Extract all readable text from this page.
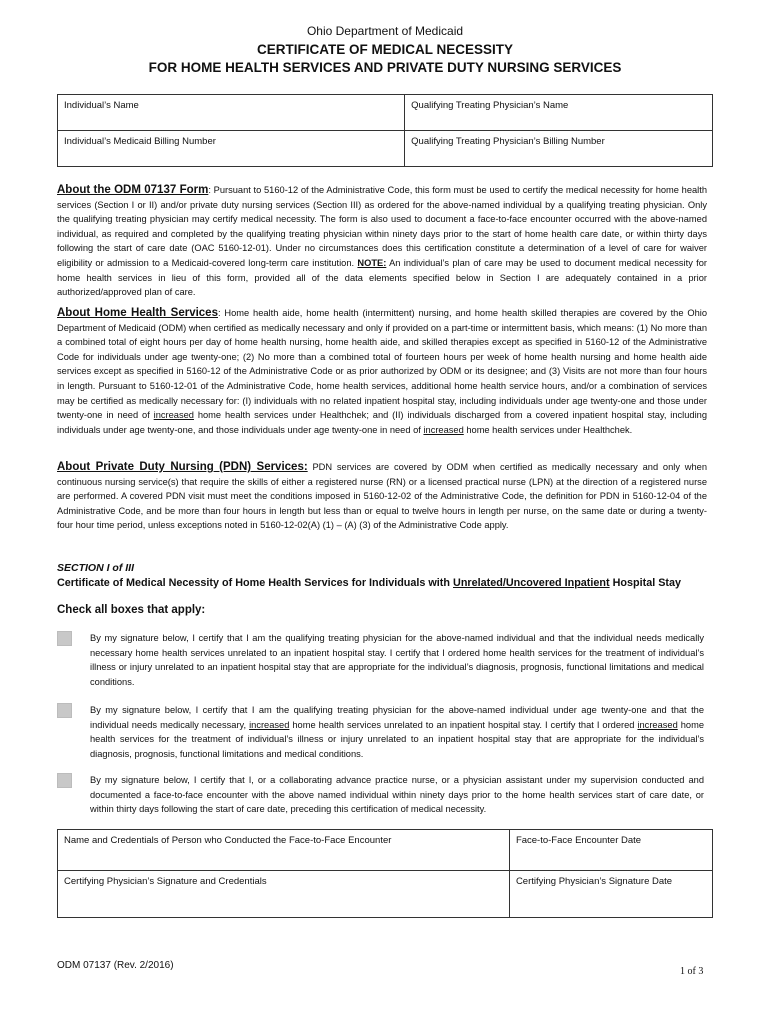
Ohio Department of Medicaid
CERTIFICATE OF MEDICAL NECESSITY
FOR HOME HEALTH SERVICES AND PRIVATE DUTY NURSING SERVICES
Individual’s Name	Qualifying Treating Physician’s Name
Individual’s Medicaid Billing Number	Qualifying Treating Physician’s Billing Number
About the ODM 07137 Form: Pursuant to 5160-12 of the Administrative Code, this form must be used to certify the medical necessity for home health services (Section I or II) and/or private duty nursing services (Section III) as ordered for the above-named individual by a qualifying treating physician. Only the qualifying treating physician may certify medical necessity. The form is also used to document a face-to-face encounter occurred with the above-named individual, as required and completed by the qualifying treating physician within ninety days prior to the start of home health care date, or within thirty days following the start of care date (OAC 5160-12-01). Under no circumstances does this certification constitute a determination of a level of care for waiver eligibility or admission to a Medicaid-covered long-term care institution. NOTE: An individual’s plan of care may be used to document medical necessity for home health services in lieu of this form, provided all of the data elements specified below in Section I are adequately contained in a prior authorized/approved plan of care.
About Home Health Services: Home health aide, home health (intermittent) nursing, and home health skilled therapies are covered by the Ohio Department of Medicaid (ODM) when certified as medically necessary and only if provided on a part-time or intermittent basis, which means: (1) No more than a combined total of eight hours per day of home health nursing, home health aide, and skilled therapies except as specified in 5160-12 of the Administrative Code for individuals under age twenty-one; (2) No more than a combined total of fourteen hours per week of home health nursing and home health aide services except as specified in 5160-12 of the Administrative Code or as prior authorized by ODM or its designee; and (3) Visits are not more than four hours in length. Pursuant to 5160-12-01 of the Administrative Code, home health services, additional home health service hours, and/or a combination of services may be certified as medically necessary for: (I) individuals with no related inpatient hospital stay, including individuals under age twenty-one and those under twenty-one in need of increased home health services under Healthchek; and (II) individuals discharged from a covered inpatient hospital stay, including individuals under age twenty-one, and those individuals under age twenty-one in need of increased home health services under Healthchek.
About Private Duty Nursing (PDN) Services: PDN services are covered by ODM when certified as medically necessary and only when continuous nursing service(s) that require the skills of either a registered nurse (RN) or a licensed practical nurse (LPN) at the direction of a registered nurse are performed. A covered PDN visit must meet the conditions imposed in 5160-12-02 of the Administrative Code, the definition for PDN in 5160-12-04 of the Administrative Code, and be more than four hours in length but less than or equal to twelve hours in length per nurse, on the same date or during a twenty-four hour time period, unless exceptions noted in 5160-12-02(A) (1) – (A) (3) of the Administrative Code apply.
SECTION I of III
Certificate of Medical Necessity of Home Health Services for Individuals with Unrelated/Uncovered Inpatient Hospital Stay
Check all boxes that apply:
By my signature below, I certify that I am the qualifying treating physician for the above-named individual and that the individual needs medically necessary home health services unrelated to an inpatient hospital stay. I certify that I ordered home health services for the treatment of individual’s illness or injury unrelated to an inpatient hospital stay that are appropriate for the individual’s diagnosis, prognosis, functional limitations and medical conditions.
By my signature below, I certify that I am the qualifying treating physician for the above-named individual under age twenty-one and that the individual needs medically necessary, increased home health services unrelated to an inpatient hospital stay. I certify that I ordered increased home health services for the treatment of individual’s illness or injury unrelated to an inpatient hospital stay that are appropriate for the individual’s diagnosis, prognosis, functional limitations and medical conditions.
By my signature below, I certify that I, or a collaborating advance practice nurse, or a physician assistant under my supervision conducted and documented a face-to-face encounter with the above named individual within ninety days prior to the home health services start of care date, or within thirty days following the start of care date, preceding this certification of medical necessity.
Name and Credentials of Person who Conducted the Face-to-Face Encounter	Face-to-Face Encounter Date
Certifying Physician’s Signature and Credentials	Certifying Physician’s Signature Date
ODM 07137 (Rev. 2/2016)
1 of 3
